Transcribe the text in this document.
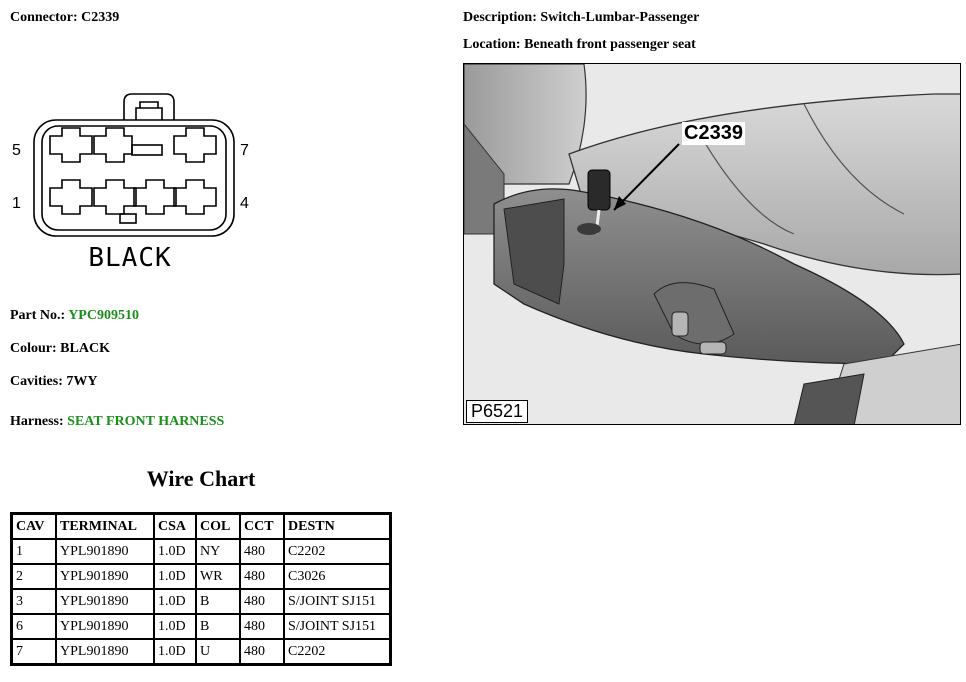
Connector: C2339	Description: Switch-Lumbar-Passenger
Location: Beneath front passenger seat
5	7
1	4
BLACK
C2339
P6521
Part No.: YPC909510
Colour: BLACK
Cavities: 7WY
Harness: SEAT FRONT HARNESS
Wire Chart
CAV	TERMINAL	CSA	COL	CCT	DESTN
1	YPL901890	1.0D	NY	480	C2202
2	YPL901890	1.0D	WR	480	C3026
3	YPL901890	1.0D	B	480	S/JOINT SJ151
6	YPL901890	1.0D	B	480	S/JOINT SJ151
7	YPL901890	1.0D	U	480	C2202
